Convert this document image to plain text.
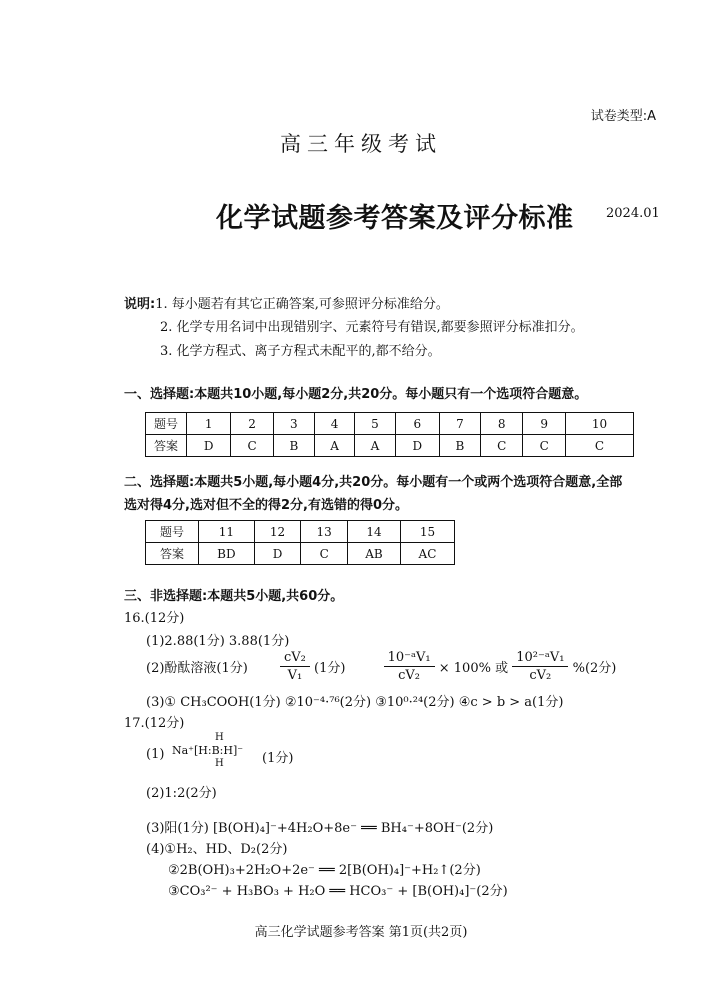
试卷类型:A
高三年级考试
化学试题参考答案及评分标准	2024.01
说明:1. 每小题若有其它正确答案,可参照评分标准给分。
2. 化学专用名词中出现错别字、元素符号有错误,都要参照评分标准扣分。
3. 化学方程式、离子方程式未配平的,都不给分。
一、选择题:本题共10小题,每小题2分,共20分。每小题只有一个选项符合题意。
题号	1	2	3	4	5	6	7	8	9	10
答案	D	C	B	A	A	D	B	C	C	C
二、选择题:本题共5小题,每小题4分,共20分。每小题有一个或两个选项符合题意,全部
选对得4分,选对但不全的得2分,有选错的得0分。
题号	11	12	13	14	15
答案	BD	D	C	AB	AC
三、非选择题:本题共5小题,共60分。
16.(12分)
(1)2.88(1分) 3.88(1分)
(2)酚酞溶液(1分) $\frac{\text{cV₂}}{\text{V₁}} (1$分)	$\frac{\text{10⁻ᵃV₁}}{\text{cV₂}} \times 100\%$ 或 $\frac{\text{10²⁻ᵃV₁}}{\text{cV₂}} \%(2$分)
(3)① CH₃COOH(1分) ②10⁻⁴·⁷⁶(2分) ③10⁰·²⁴(2分) ④c > b > a(1分)
17.(12分)
(1)
H
Na⁺[H:B:H]⁻
H	(1分)
(2)1:2(2分)
(3)阳(1分) [B(OH)₄]⁻+4H₂O+8e⁻ ══ BH₄⁻+8OH⁻(2分)
(4)①H₂、HD、D₂(2分)
②2B(OH)₃+2H₂O+2e⁻ ══ 2[B(OH)₄]⁻+H₂↑(2分)
③CO₃²⁻ + H₃BO₃ + H₂O ══ HCO₃⁻ + [B(OH)₄]⁻(2分)
高三化学试题参考答案 第1页(共2页)
